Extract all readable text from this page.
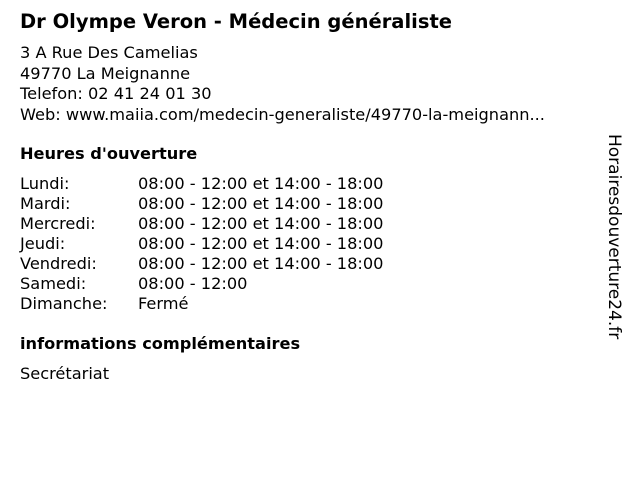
Dr Olympe Veron - Médecin généraliste
3 A Rue Des Camelias
49770 La Meignanne
Telefon: 02 41 24 01 30
Web: www.maiia.com/medecin-generaliste/49770-la-meignann...
Heures d'ouverture
Lundi:	08:00 - 12:00 et 14:00 - 18:00
Mardi:	08:00 - 12:00 et 14:00 - 18:00
Mercredi:	08:00 - 12:00 et 14:00 - 18:00
Jeudi:	08:00 - 12:00 et 14:00 - 18:00
Vendredi:	08:00 - 12:00 et 14:00 - 18:00
Samedi:	08:00 - 12:00
Dimanche:	Fermé
informations complémentaires
Secrétariat
Horairesdouverture24.fr
